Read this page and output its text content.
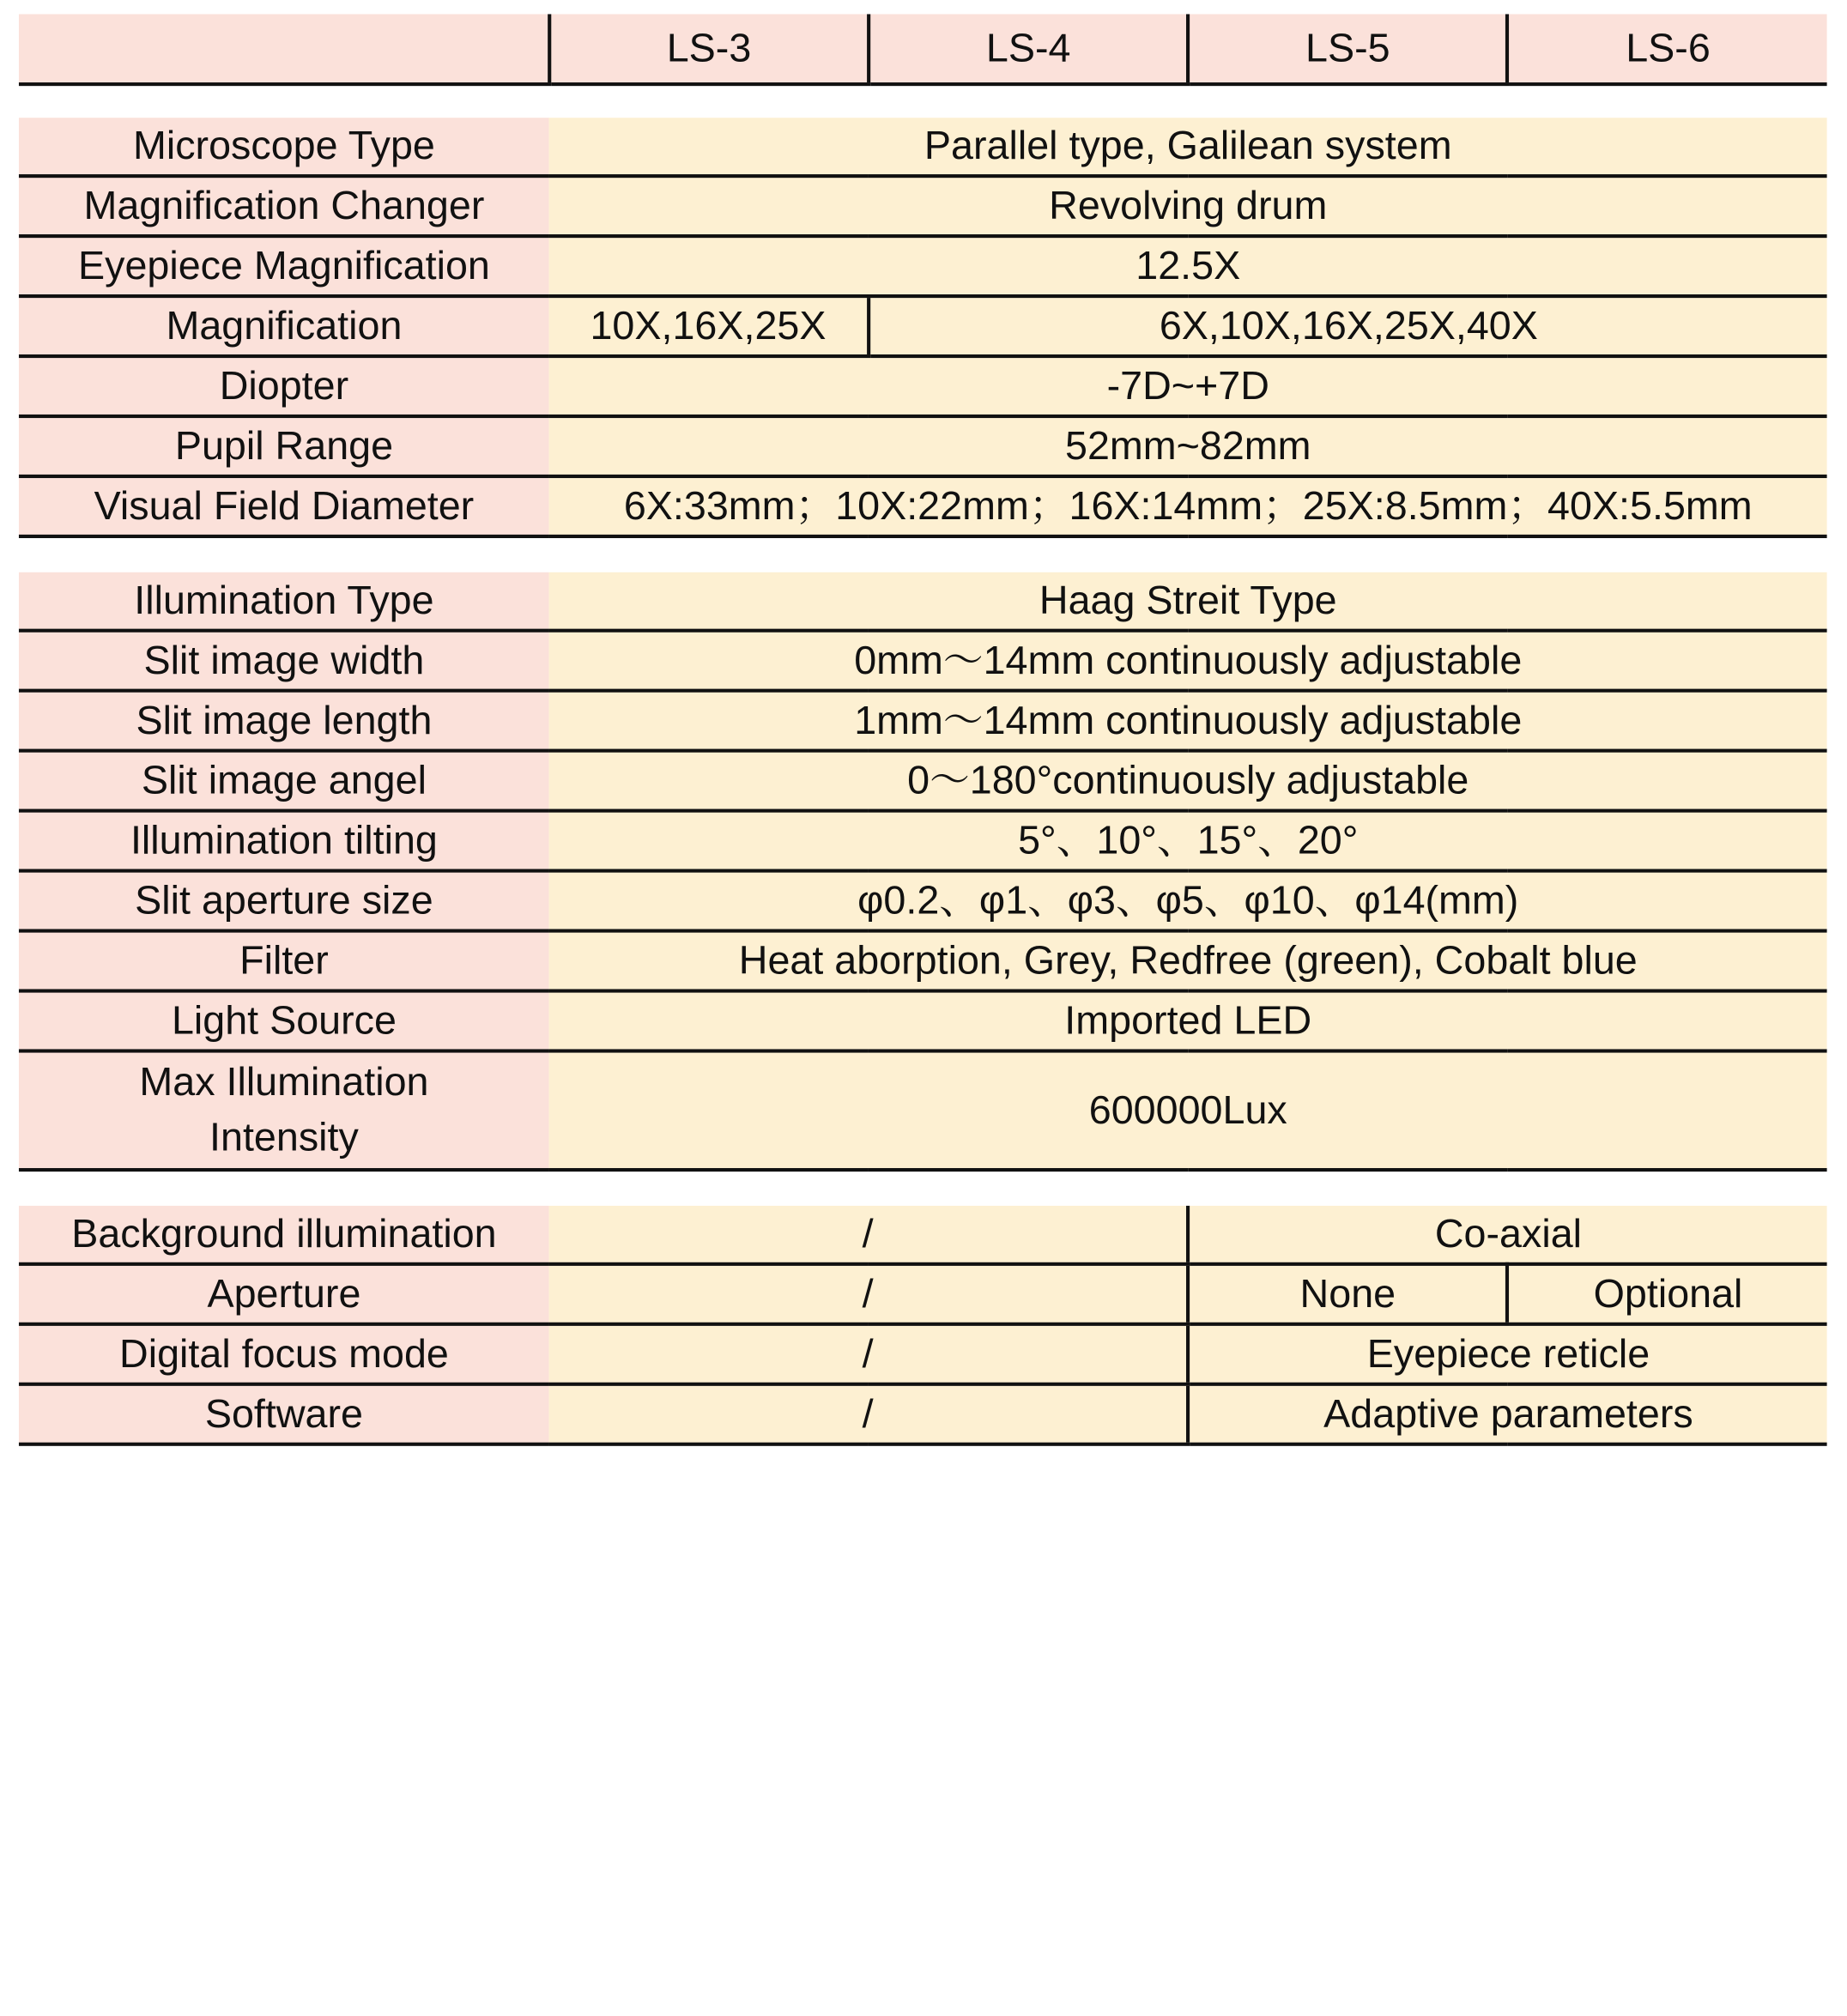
	LS-3	LS-4	LS-5	LS-6
Microscope Type	Parallel type, Galilean system	
Magnification Changer	Revolving drum	
Eyepiece Magnification	12.5X	
Magnification	10X,16X,25X	6X,10X,16X,25X,40X
Diopter	-7D~+7D	
Pupil Range	52mm~82mm	
Visual Field Diameter	6X:33mm；10X:22mm；16X:14mm；25X:8.5mm；40X:5.5mm	
Illumination Type	Haag Streit Type
Slit image width	0mm～14mm continuously adjustable
Slit image length	1mm～14mm continuously adjustable
Slit image angel	0～180°continuously adjustable
Illumination tilting	5°、10°、15°、20°
Slit aperture size	φ0.2、φ1、φ3、φ5、φ10、φ14(mm)
Filter	Heat aborption, Grey, Redfree (green), Cobalt blue
Light Source	Imported LED

Max Illumination
Intensity	600000Lux
Background illumination	/	Co-axial	
Aperture	/	None	Optional
Digital focus mode	/	Eyepiece reticle	
Software	/	Adaptive parameters	
